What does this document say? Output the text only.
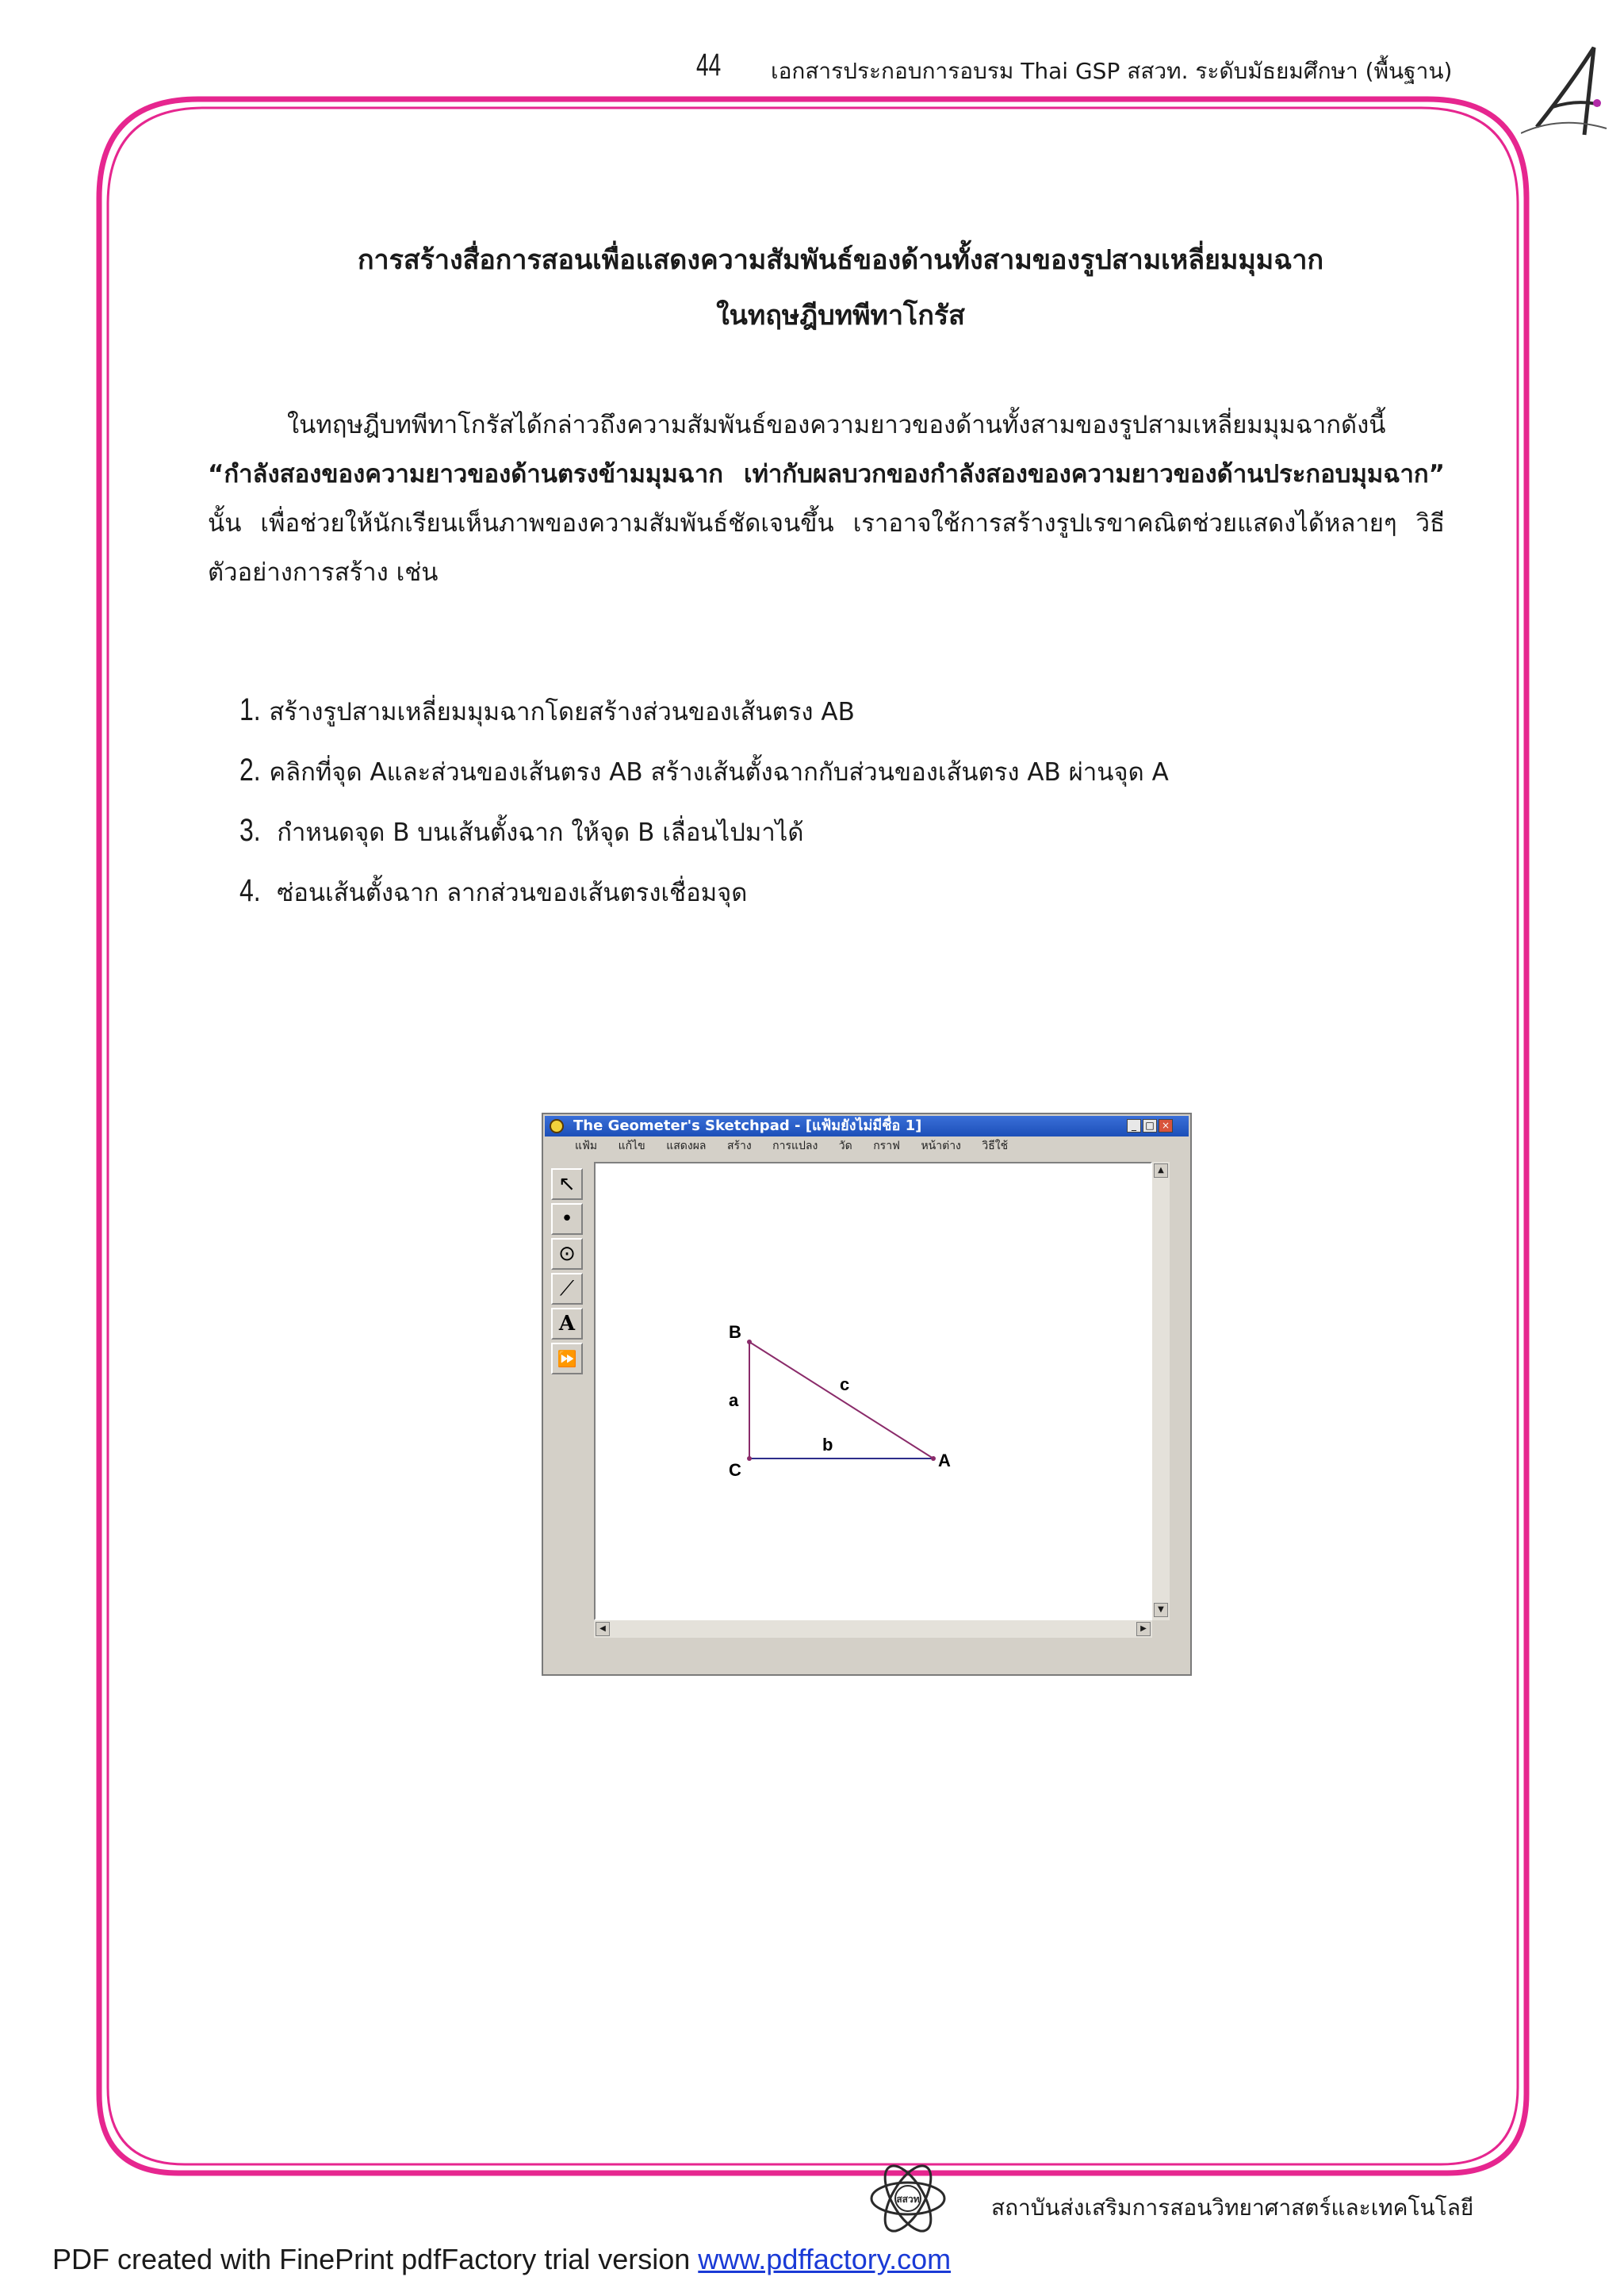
44 เอกสารประกอบการอบรม Thai GSP สสวท. ระดับมัธยมศึกษา (พื้นฐาน)
การสร้างสื่อการสอนเพื่อแสดงความสัมพันธ์ของด้านทั้งสามของรูปสามเหลี่ยมมุมฉาก
ในทฤษฎีบทพีทาโกรัส

ในทฤษฎีบทพีทาโกรัสได้กล่าวถึงความสัมพันธ์ของความยาวของด้านทั้งสามของรูปสามเหลี่ยมมุมฉากดังนี้ “กำลังสองของความยาวของด้านตรงข้ามมุมฉาก เท่ากับผลบวกของกำลังสองของความยาวของด้านประกอบมุมฉาก” นั้น เพื่อช่วยให้นักเรียนเห็นภาพของความสัมพันธ์ชัดเจนขึ้น เราอาจใช้การสร้างรูปเรขาคณิตช่วยแสดงได้หลายๆ วิธี ตัวอย่างการสร้าง เช่น

1. สร้างรูปสามเหลี่ยมมุมฉากโดยสร้างส่วนของเส้นตรง AB
2. คลิกที่จุด Aและส่วนของเส้นตรง AB สร้างเส้นตั้งฉากกับส่วนของเส้นตรง AB ผ่านจุด A
3. กำหนดจุด B บนเส้นตั้งฉาก ให้จุด B เลื่อนไปมาได้
4. ซ่อนเส้นตั้งฉาก ลากส่วนของเส้นตรงเชื่อมจุด
The Geometer's Sketchpad - [แฟ้มยังไม่มีชื่อ 1]	_ □ ×
แฟ้ม แก้ไข แสดงผล สร้าง การแปลง วัด กราฟ หน้าต่าง วิธีใช้
↖
•
⊙
⟋
A
⏩
B
C	A
a
b
c
▲
▼
◀	▶
สสวท	สถาบันส่งเสริมการสอนวิทยาศาสตร์และเทคโนโลยี
PDF created with FinePrint pdfFactory trial version www.pdffactory.com
